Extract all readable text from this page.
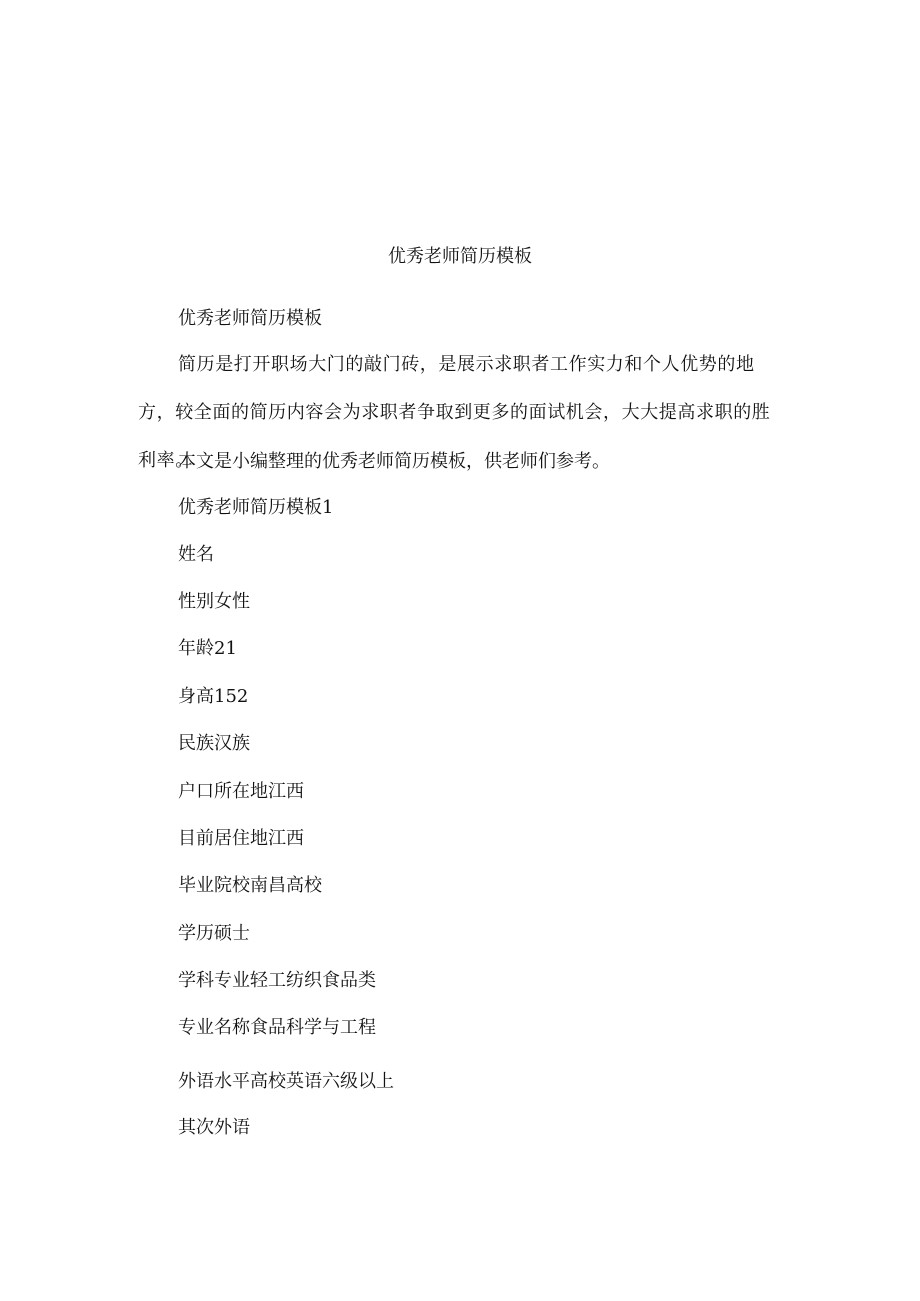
优秀老师简历模板
优秀老师简历模板
简历是打开职场大门的敲门砖，是展示求职者工作实力和个人优势的地方，较全面的简历内容会为求职者争取到更多的面试机会，大大提高求职的胜利率。
本文是小编整理的优秀老师简历模板，供老师们参考。
优秀老师简历模板1
姓名
性别女性
年龄21
身高152
民族汉族
户口所在地江西
目前居住地江西
毕业院校南昌高校
学历硕士
学科专业轻工纺织食品类
专业名称食品科学与工程
外语水平高校英语六级以上
其次外语
